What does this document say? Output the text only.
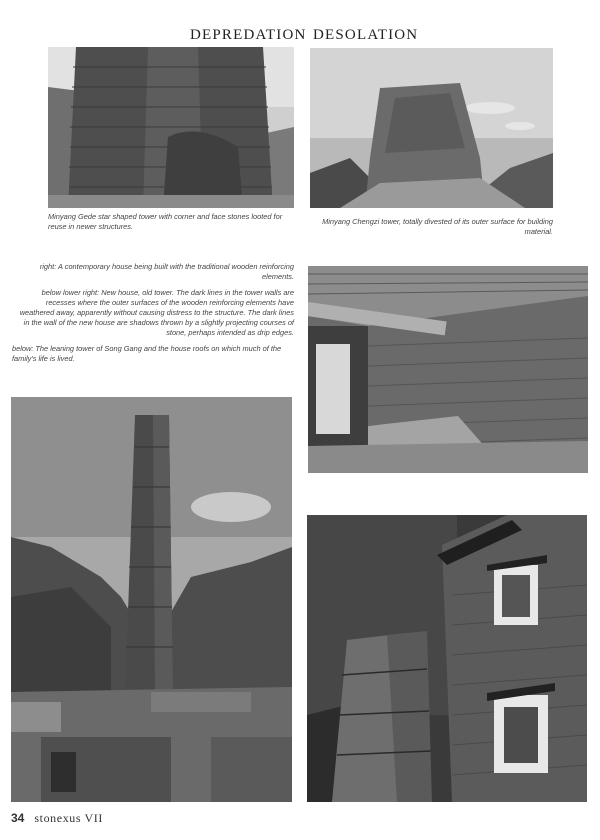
DEPREDATION DESOLATION
Minyang Gede star shaped tower with corner and face stones looted for reuse in newer structures.
Minyang Chengzi tower, totally divested of its outer surface for building material.

right: A contemporary house being built with the traditional wooden reinforcing elements.

below lower right: New house, old tower. The dark lines in the tower walls are recesses where the outer surfaces of the wooden reinforcing elements have weathered away, apparently without causing distress to the structure. The dark lines in the wall of the new house are shadows thrown by a slightly projecting courses of stone, perhaps intended as drip edges.

below: The leaning tower of Song Gang and the house roofs on which much of the family's life is lived.

34 stonexus VII
